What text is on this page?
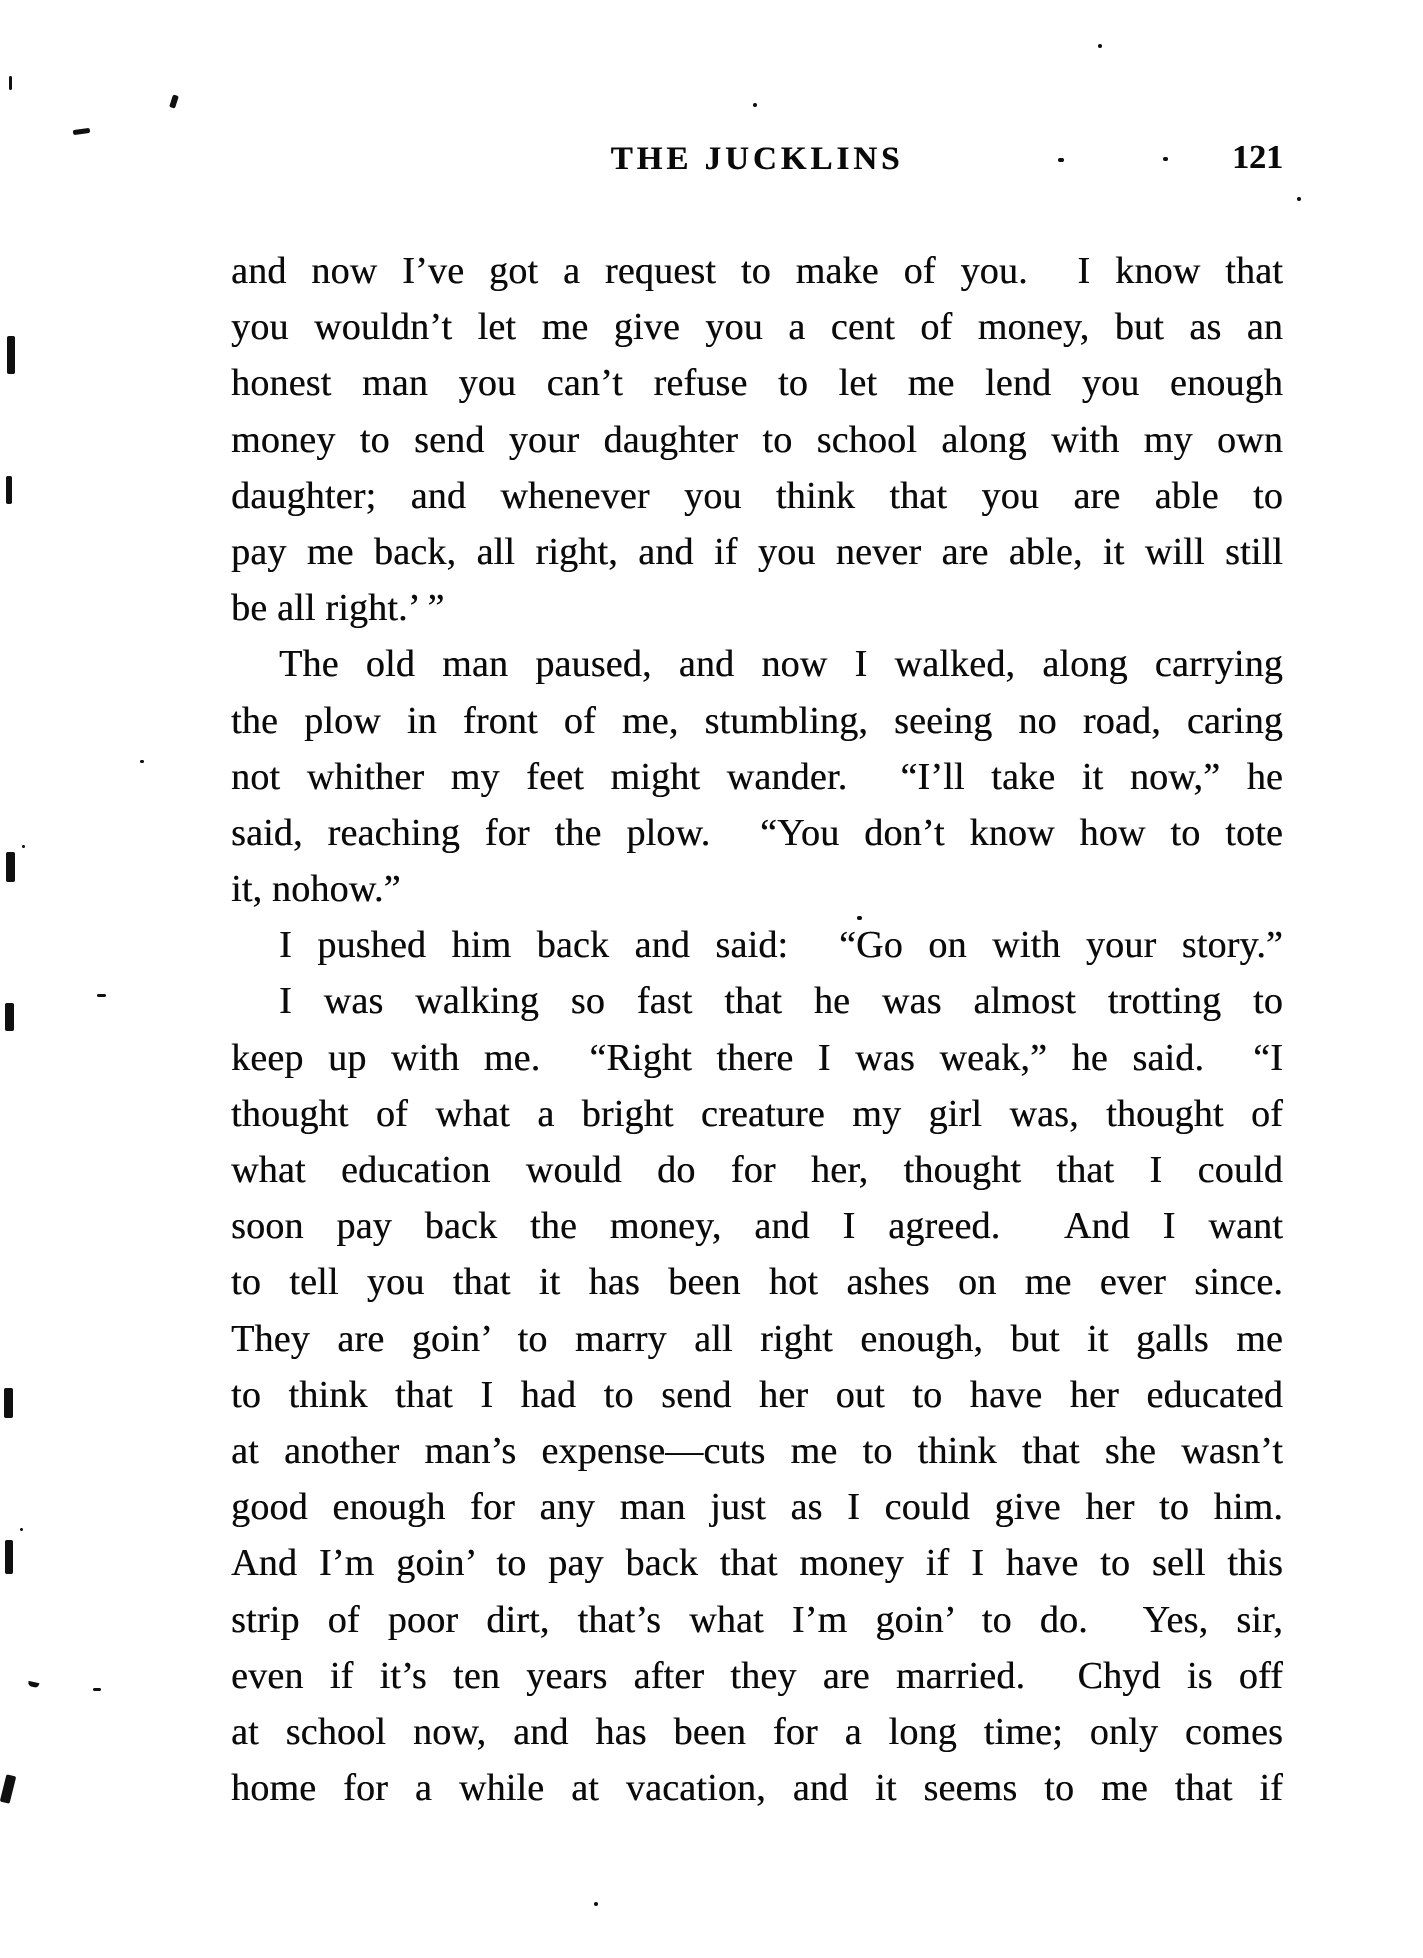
THE JUCKLINS	121
and now I’ve got a request to make of you.  I know that
you wouldn’t let me give you a cent of money, but as an
honest man you can’t refuse to let me lend you enough
money to send your daughter to school along with my own
daughter; and whenever you think that you are able to
pay me back, all right, and if you never are able, it will still
be all right.’ ”
The old man paused, and now I walked, along carrying
the plow in front of me, stumbling, seeing no road, caring
not whither my feet might wander.  “I’ll take it now,” he
said, reaching for the plow.  “You don’t know how to tote
it, nohow.”
I pushed him back and said:  “Go on with your story.”
I was walking so fast that he was almost trotting to
keep up with me.  “Right there I was weak,” he said.  “I
thought of what a bright creature my girl was, thought of
what education would do for her, thought that I could
soon pay back the money, and I agreed.  And I want
to tell you that it has been hot ashes on me ever since.
They are goin’ to marry all right enough, but it galls me
to think that I had to send her out to have her educated
at another man’s expense—cuts me to think that she wasn’t
good enough for any man just as I could give her to him.
And I’m goin’ to pay back that money if I have to sell this
strip of poor dirt, that’s what I’m goin’ to do.  Yes, sir,
even if it’s ten years after they are married.  Chyd is off
at school now, and has been for a long time; only comes
home for a while at vacation, and it seems to me that if
